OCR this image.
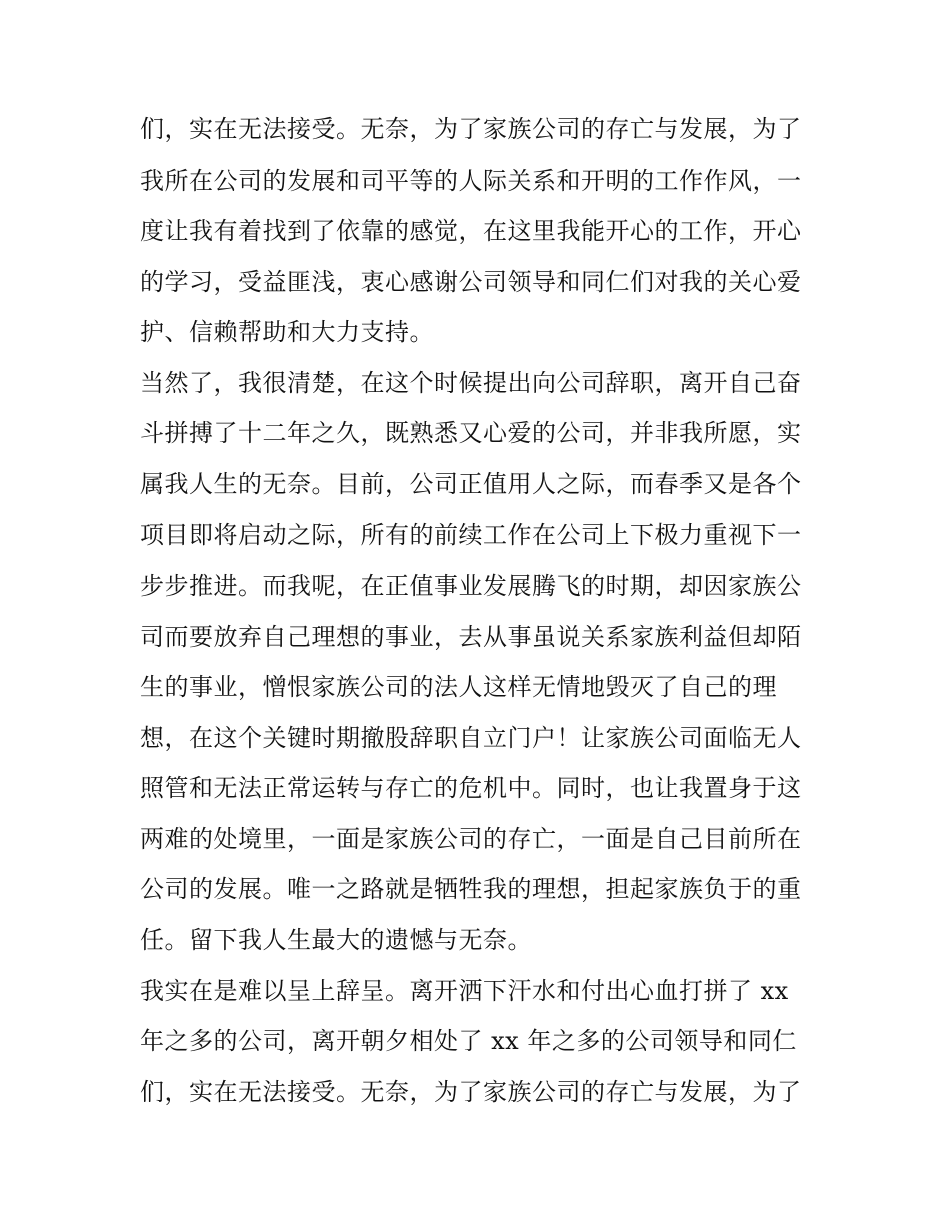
们，实在无法接受。无奈，为了家族公司的存亡与发展，为了
我所在公司的发展和司平等的人际关系和开明的工作作风，一
度让我有着找到了依靠的感觉，在这里我能开心的工作，开心
的学习，受益匪浅，衷心感谢公司领导和同仁们对我的关心爱
护、信赖帮助和大力支持。
当然了，我很清楚，在这个时候提出向公司辞职，离开自己奋
斗拼搏了十二年之久，既熟悉又心爱的公司，并非我所愿，实
属我人生的无奈。目前，公司正值用人之际，而春季又是各个
项目即将启动之际，所有的前续工作在公司上下极力重视下一
步步推进。而我呢，在正值事业发展腾飞的时期，却因家族公
司而要放弃自己理想的事业，去从事虽说关系家族利益但却陌
生的事业，憎恨家族公司的法人这样无情地毁灭了自己的理
想，在这个关键时期撤股辞职自立门户！让家族公司面临无人
照管和无法正常运转与存亡的危机中。同时，也让我置身于这
两难的处境里，一面是家族公司的存亡，一面是自己目前所在
公司的发展。唯一之路就是牺牲我的理想，担起家族负于的重
任。留下我人生最大的遗憾与无奈。
我实在是难以呈上辞呈。离开洒下汗水和付出心血打拼了 xx
年之多的公司，离开朝夕相处了 xx 年之多的公司领导和同仁
们，实在无法接受。无奈，为了家族公司的存亡与发展，为了
